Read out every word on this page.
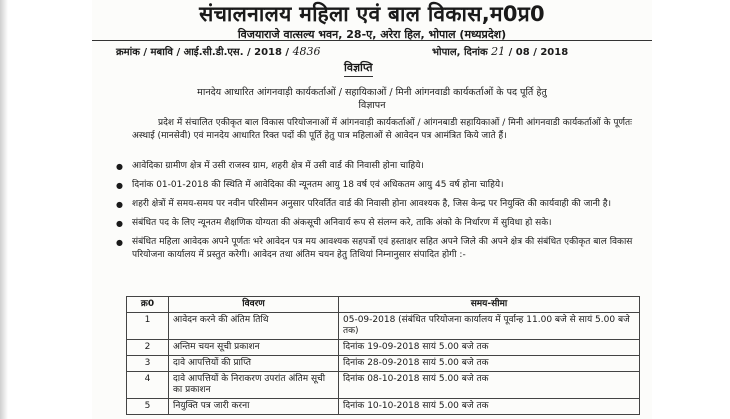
संचालनालय महिला एवं बाल विकास,म0प्र0
विजयाराजे वात्सल्य भवन, 28-ए, अरेरा हिल, भोपाल (मध्यप्रदेश)
क्रमांक / मबावि / आई.सी.डी.एस. / 2018 / 4836	भोपाल, दिनांक 21 / 08 / 2018
विज्ञप्ति
मानदेय आधारित आंगनवाड़ी कार्यकर्ताओं / सहायिकाओं / मिनी आंगनवाडी कार्यकर्ताओं के पद पूर्ति हेतु
विज्ञापन

प्रदेश में संचालित एकीकृत बाल विकास परियोजनाओं में आंगनवाड़ी कार्यकर्ताओं / आंगनबाडी सहायिकाओं / मिनी आंगनवाडी कार्यकर्ताओं के पूर्णतः अस्थाई (मानसेवी) एवं मानदेय आधारित रिक्त पदों की पूर्ति हेतु पात्र महिलाओं से आवेदन पत्र आमंत्रित किये जाते हैं।

● आवेदिका ग्रामीण क्षेत्र में उसी राजस्व ग्राम, शहरी क्षेत्र में उसी वार्ड की निवासी होना चाहिये।
● दिनांक 01-01-2018 की स्थिति में आवेदिका की न्यूनतम आयु 18 वर्ष एवं अधिकतम आयु 45 वर्ष होना चाहिये।
● शहरी क्षेत्रों में समय-समय पर नवीन परिसीमन अनुसार परिवर्तित वार्ड की निवासी होना आवश्यक है, जिस केन्द्र पर नियुक्ति की कार्यवाही की जानी है।
● संबंधित पद के लिए न्यूनतम शैक्षणिक योग्यता की अंकसूची अनिवार्य रूप से संलग्न करे, ताकि अंको के निर्धारण में सुविधा हो सके।
● संबंधित महिला आवेदक अपने पूर्णतः भरे आवेदन पत्र मय आवश्यक सहपत्रों एवं हस्ताक्षर सहित अपने जिले की अपने क्षेत्र की संबंधित एकीकृत बाल विकास परियोजना कार्यालय में प्रस्तुत करेगी। आवेदन तथा अंतिम चयन हेतु तिथियां निम्नानुसार संपादित होगी :-
क्र0	विवरण	समय-सीमा
1	आवेदन करने की अंतिम तिथि	05-09-2018 (संबंधित परियोजना कार्यालय में पूर्वान्ह 11.00 बजे से सायं 5.00 बजे तक)
2	अन्तिम चयन सूची प्रकाशन	दिनांक 19-09-2018 सायं 5.00 बजे तक
3	दावे आपत्तियों की प्राप्ति	दिनांक 28-09-2018 सायं 5.00 बजे तक
4	दावे आपत्तियों के निराकरण उपरांत अंतिम सूची का प्रकाशन	दिनांक 08-10-2018 सायं 5.00 बजे तक
5	नियुक्ति पत्र जारी करना	दिनांक 10-10-2018 सायं 5.00 बजे तक
